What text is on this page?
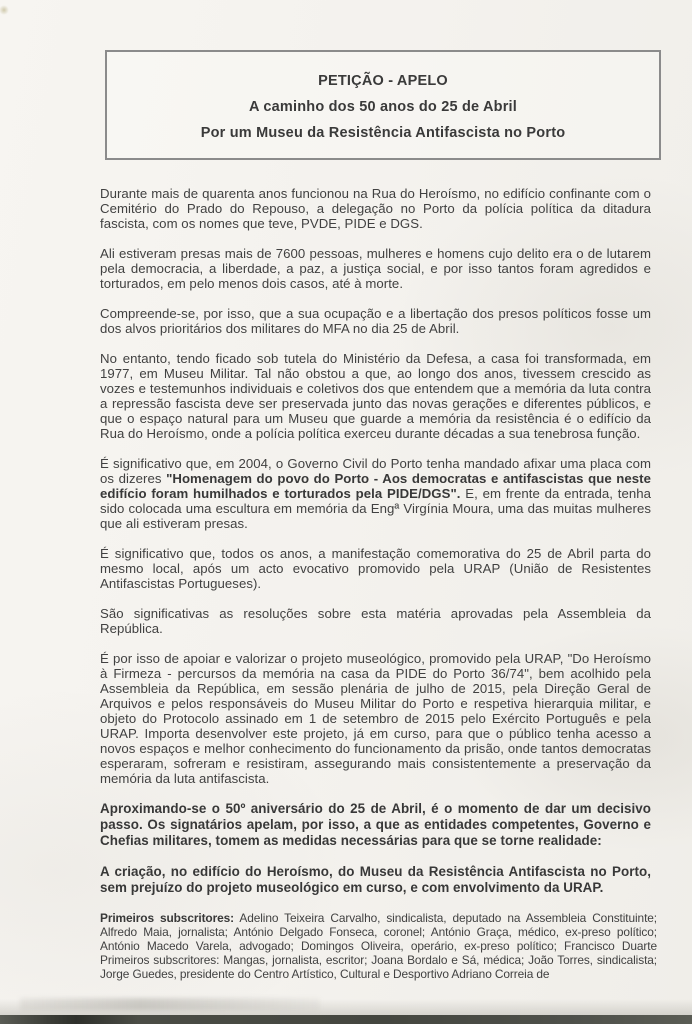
PETIÇÃO - APELO
A caminho dos 50 anos do 25 de Abril
Por um Museu da Resistência Antifascista no Porto

Durante mais de quarenta anos funcionou na Rua do Heroísmo, no edifício confinante com o Cemitério do Prado do Repouso, a delegação no Porto da polícia política da ditadura fascista, com os nomes que teve, PVDE, PIDE e DGS.

Ali estiveram presas mais de 7600 pessoas, mulheres e homens cujo delito era o de lutarem pela democracia, a liberdade, a paz, a justiça social, e por isso tantos foram agredidos e torturados, em pelo menos dois casos, até à morte.

Compreende-se, por isso, que a sua ocupação e a libertação dos presos políticos fosse um dos alvos prioritários dos militares do MFA no dia 25 de Abril.

No entanto, tendo ficado sob tutela do Ministério da Defesa, a casa foi transformada, em 1977, em Museu Militar. Tal não obstou a que, ao longo dos anos, tivessem crescido as vozes e testemunhos individuais e coletivos dos que entendem que a memória da luta contra a repressão fascista deve ser preservada junto das novas gerações e diferentes públicos, e que o espaço natural para um Museu que guarde a memória da resistência é o edifício da Rua do Heroísmo, onde a polícia política exerceu durante décadas a sua tenebrosa função.

É significativo que, em 2004, o Governo Civil do Porto tenha mandado afixar uma placa com os dizeres "Homenagem do povo do Porto - Aos democratas e antifascistas que neste edifício foram humilhados e torturados pela PIDE/DGS". E, em frente da entrada, tenha sido colocada uma escultura em memória da Engª Virgínia Moura, uma das muitas mulheres que ali estiveram presas.

É significativo que, todos os anos, a manifestação comemorativa do 25 de Abril parta do mesmo local, após um acto evocativo promovido pela URAP (União de Resistentes Antifascistas Portugueses).

São significativas as resoluções sobre esta matéria aprovadas pela Assembleia da República.

É por isso de apoiar e valorizar o projeto museológico, promovido pela URAP, "Do Heroísmo à Firmeza - percursos da memória na casa da PIDE do Porto 36/74", bem acolhido pela Assembleia da República, em sessão plenária de julho de 2015, pela Direção Geral de Arquivos e pelos responsáveis do Museu Militar do Porto e respetiva hierarquia militar, e objeto do Protocolo assinado em 1 de setembro de 2015 pelo Exército Português e pela URAP. Importa desenvolver este projeto, já em curso, para que o público tenha acesso a novos espaços e melhor conhecimento do funcionamento da prisão, onde tantos democratas esperaram, sofreram e resistiram, assegurando mais consistentemente a preservação da memória da luta antifascista.

Aproximando-se o 50º aniversário do 25 de Abril, é o momento de dar um decisivo passo. Os signatários apelam, por isso, a que as entidades competentes, Governo e Chefias militares, tomem as medidas necessárias para que se torne realidade:

A criação, no edifício do Heroísmo, do Museu da Resistência Antifascista no Porto, sem prejuízo do projeto museológico em curso, e com envolvimento da URAP.

Primeiros subscritores: Adelino Teixeira Carvalho, sindicalista, deputado na Assembleia Constituinte; Alfredo Maia, jornalista; António Delgado Fonseca, coronel; António Graça, médico, ex-preso político; António Macedo Varela, advogado; Domingos Oliveira, operário, ex-preso político; Francisco Duarte Primeiros subscritores: Mangas, jornalista, escritor; Joana Bordalo e Sá, médica; João Torres, sindicalista; Jorge Guedes, presidente do Centro Artístico, Cultural e Desportivo Adriano Correia de
